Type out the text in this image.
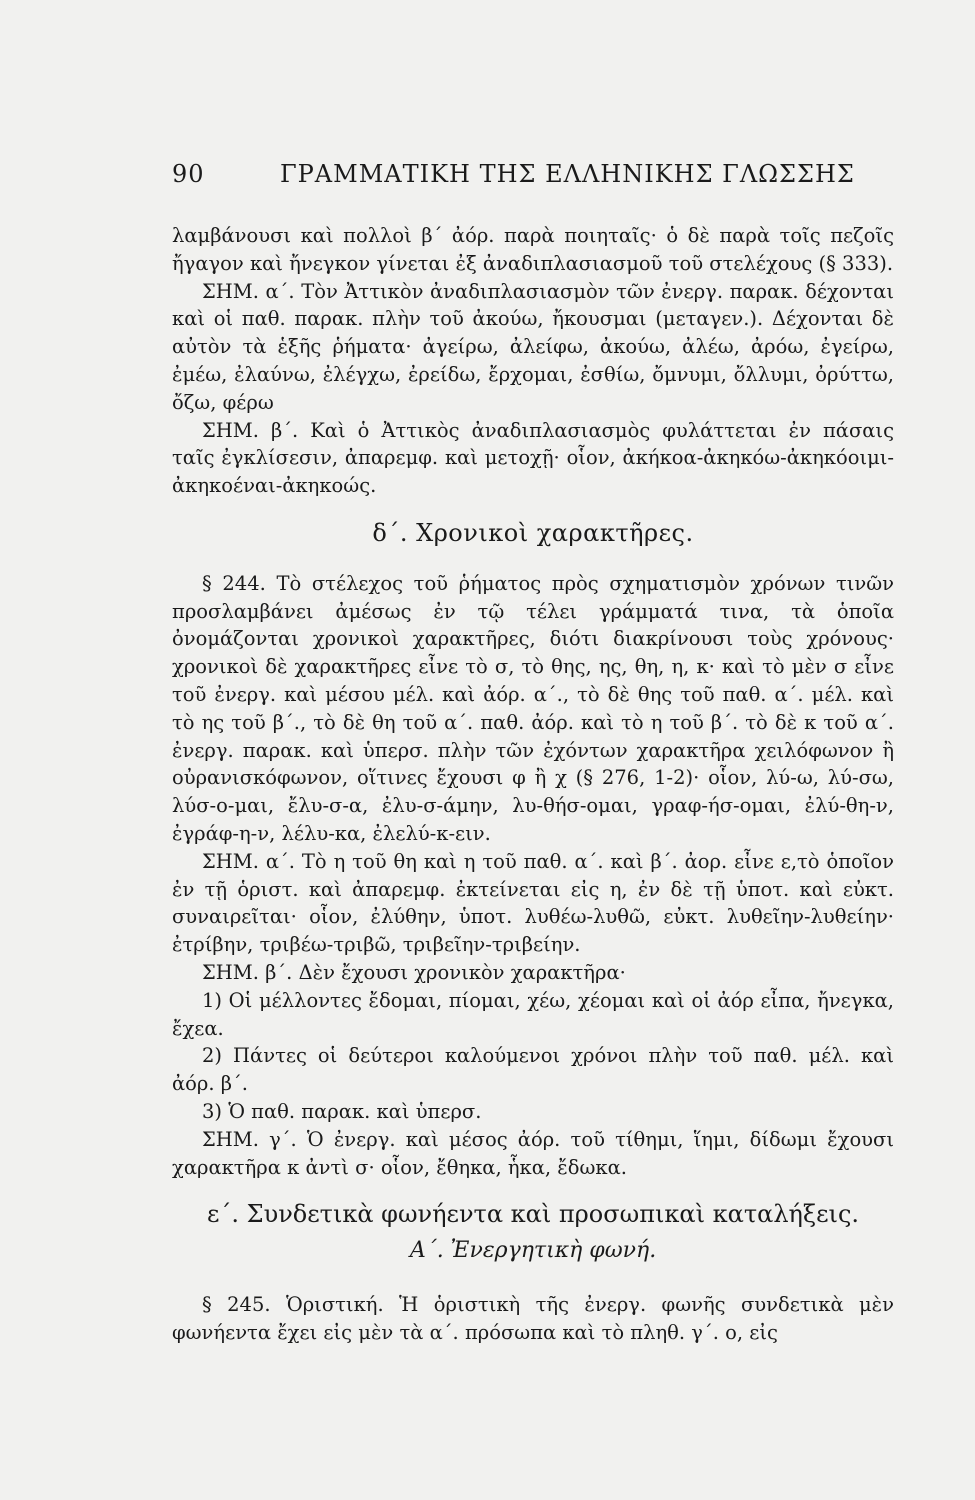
90	ΓΡΑΜΜΑΤΙΚΗ ΤΗΣ ΕΛΛΗΝΙΚΗΣ ΓΛΩΣΣΗΣ

λαμβάνουσι καὶ πολλοὶ β΄ ἀόρ. παρὰ ποιηταῖς· ὁ δὲ παρὰ τοῖς πεζοῖς ἤγαγον καὶ ἤνεγκον γίνεται ἐξ ἀναδιπλασιασμοῦ τοῦ στελέχους (§ 333).

ΣΗΜ. α΄. Τὸν Ἀττικὸν ἀναδιπλασιασμὸν τῶν ἐνεργ. παρακ. δέχονται καὶ οἱ παθ. παρακ. πλὴν τοῦ ἀκούω, ἤκουσμαι (μεταγεν.). Δέχονται δὲ αὐτὸν τὰ ἑξῆς ῥήματα· ἀγείρω, ἀλείφω, ἀκούω, ἀλέω, ἀρόω, ἐγείρω, ἐμέω, ἐλαύνω, ἐλέγχω, ἐρείδω, ἔρχομαι, ἐσθίω, ὄμνυμι, ὄλλυμι, ὀρύττω, ὄζω, φέρω

ΣΗΜ. β΄. Καὶ ὁ Ἀττικὸς ἀναδιπλασιασμὸς φυλάττεται ἐν πάσαις ταῖς ἐγκλίσεσιν, ἀπαρεμφ. καὶ μετοχῇ· οἷον, ἀκήκοα-ἀκηκόω-ἀκηκόοιμι-ἀκηκοέναι-ἀκηκοώς.

δ΄. Χρονικοὶ χαρακτῆρες.

§ 244. Τὸ στέλεχος τοῦ ῥήματος πρὸς σχηματισμὸν χρόνων τινῶν προσλαμβάνει ἀμέσως ἐν τῷ τέλει γράμματά τινα, τὰ ὁποῖα ὀνομάζονται χρονικοὶ χαρακτῆρες, διότι διακρίνουσι τοὺς χρόνους· χρονικοὶ δὲ χαρακτῆρες εἶνε τὸ σ, τὸ θης, ης, θη, η, κ· καὶ τὸ μὲν σ εἶνε τοῦ ἐνεργ. καὶ μέσου μέλ. καὶ ἀόρ. α΄., τὸ δὲ θης τοῦ παθ. α΄. μέλ. καὶ τὸ ης τοῦ β΄., τὸ δὲ θη τοῦ α΄. παθ. ἀόρ. καὶ τὸ η τοῦ β΄. τὸ δὲ κ τοῦ α΄. ἐνεργ. παρακ. καὶ ὑπερσ. πλὴν τῶν ἐχόντων χαρακτῆρα χειλόφωνον ἢ οὐρανισκόφωνον, οἵτινες ἔχουσι φ ἢ χ (§ 276, 1-2)· οἷον, λύ-ω, λύ-σω, λύσ-ο-μαι, ἔλυ-σ-α, ἐλυ-σ-άμην, λυ-θήσ-ομαι, γραφ-ήσ-ομαι, ἐλύ-θη-ν, ἐγράφ-η-ν, λέλυ-κα, ἐλελύ-κ-ειν.

ΣΗΜ. α΄. Τὸ η τοῦ θη καὶ η τοῦ παθ. α΄. καὶ β΄. ἀορ. εἶνε ε,τὸ ὁποῖον ἐν τῇ ὁριστ. καὶ ἀπαρεμφ. ἐκτείνεται εἰς η, ἐν δὲ τῇ ὑποτ. καὶ εὐκτ. συναιρεῖται· οἷον, ἐλύθην, ὑποτ. λυθέω-λυθῶ, εὐκτ. λυθεῖην-λυθείην· ἐτρίβην, τριβέω-τριβῶ, τριβεῖην-τριβείην.

ΣΗΜ. β΄. Δὲν ἔχουσι χρονικὸν χαρακτῆρα·

1) Οἱ μέλλοντες ἔδομαι, πίομαι, χέω, χέομαι καὶ οἱ ἀόρ εἶπα, ἤνεγκα, ἔχεα.

2) Πάντες οἱ δεύτεροι καλούμενοι χρόνοι πλὴν τοῦ παθ. μέλ. καὶ ἀόρ. β΄.

3) Ὁ παθ. παρακ. καὶ ὑπερσ.

ΣΗΜ. γ΄. Ὁ ἐνεργ. καὶ μέσος ἀόρ. τοῦ τίθημι, ἵημι, δίδωμι ἔχουσι χαρακτῆρα κ ἀντὶ σ· οἷον, ἔθηκα, ἧκα, ἔδωκα.

ε΄. Συνδετικὰ φωνήεντα καὶ προσωπικαὶ καταλήξεις.
Α΄. Ἐνεργητικὴ φωνή.

§ 245. Ὁριστική. Ἡ ὁριστικὴ τῆς ἐνεργ. φωνῆς συνδετικὰ μὲν φωνήεντα ἔχει εἰς μὲν τὰ α΄. πρόσωπα καὶ τὸ πληθ. γ΄. ο, εἰς
